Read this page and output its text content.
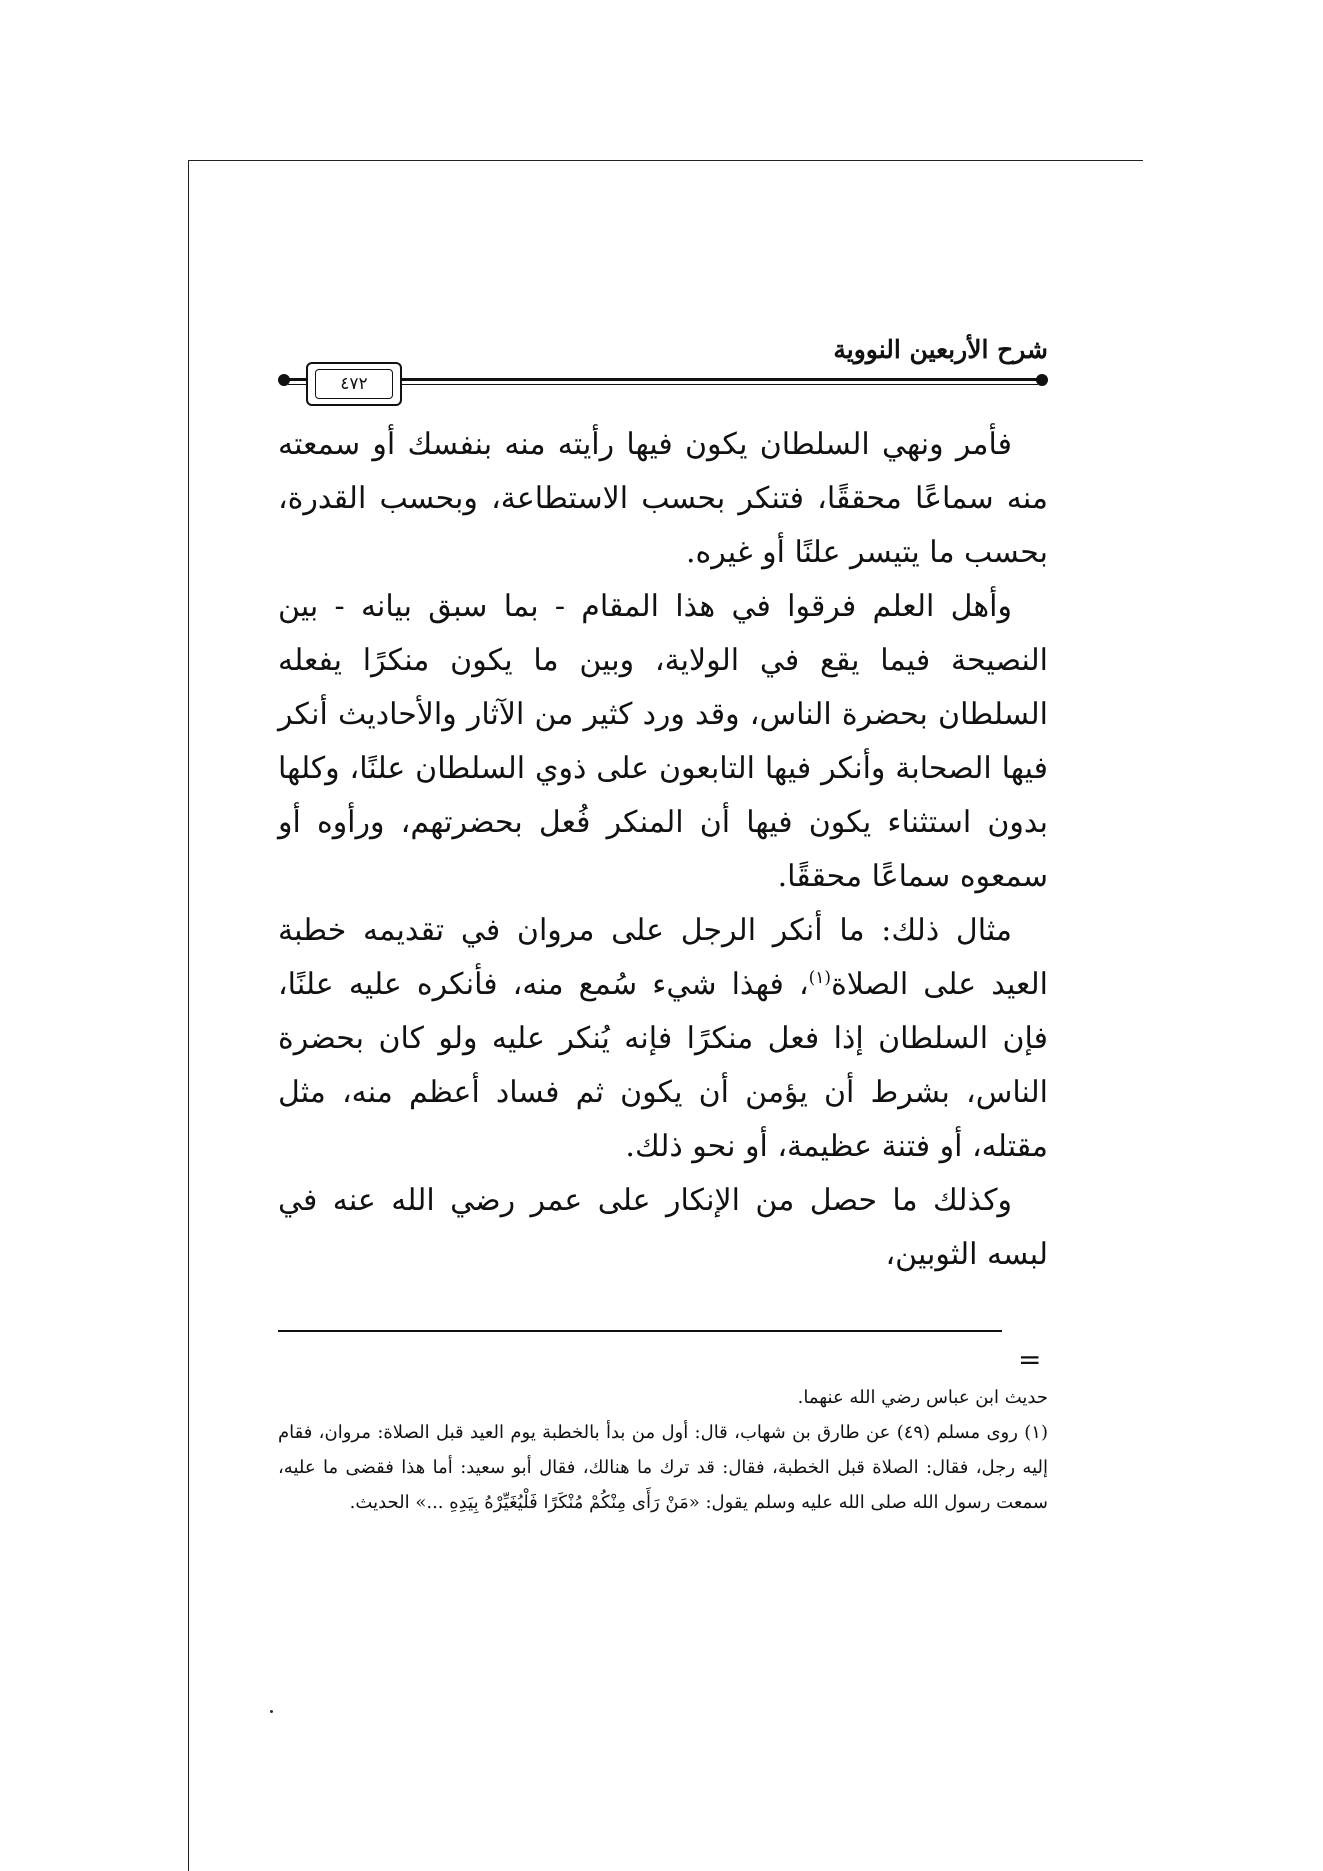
شرح الأربعين النووية
٤٧٢

فأمر ونهي السلطان يكون فيها رأيته منه بنفسك أو سمعته منه سماعًا محققًا، فتنكر بحسب الاستطاعة، وبحسب القدرة، بحسب ما يتيسر علنًا أو غيره.

وأهل العلم فرقوا في هذا المقام - بما سبق بيانه - بين النصيحة فيما يقع في الولاية، وبين ما يكون منكرًا يفعله السلطان بحضرة الناس، وقد ورد كثير من الآثار والأحاديث أنكر فيها الصحابة وأنكر فيها التابعون على ذوي السلطان علنًا، وكلها بدون استثناء يكون فيها أن المنكر فُعل بحضرتهم، ورأوه أو سمعوه سماعًا محققًا.

مثال ذلك: ما أنكر الرجل على مروان في تقديمه خطبة العيد على الصلاة$^{(١)}$، فهذا شيء سُمع منه، فأنكره عليه علنًا، فإن السلطان إذا فعل منكرًا فإنه يُنكر عليه ولو كان بحضرة الناس، بشرط أن يؤمن أن يكون ثم فساد أعظم منه، مثل مقتله، أو فتنة عظيمة، أو نحو ذلك.

وكذلك ما حصل من الإنكار على عمر رضي الله عنه في لبسه الثوبين،

=

حديث ابن عباس رضي الله عنهما.

(١) روى مسلم (٤٩) عن طارق بن شهاب، قال: أول من بدأ بالخطبة يوم العيد قبل الصلاة: مروان، فقام إليه رجل، فقال: الصلاة قبل الخطبة، فقال: قد ترك ما هنالك، فقال أبو سعيد: أما هذا فقضى ما عليه، سمعت رسول الله صلى الله عليه وسلم يقول: «مَنْ رَأَى مِنْكُمْ مُنْكَرًا فَلْيُغَيِّرْهُ بِيَدِهِ ...» الحديث.
